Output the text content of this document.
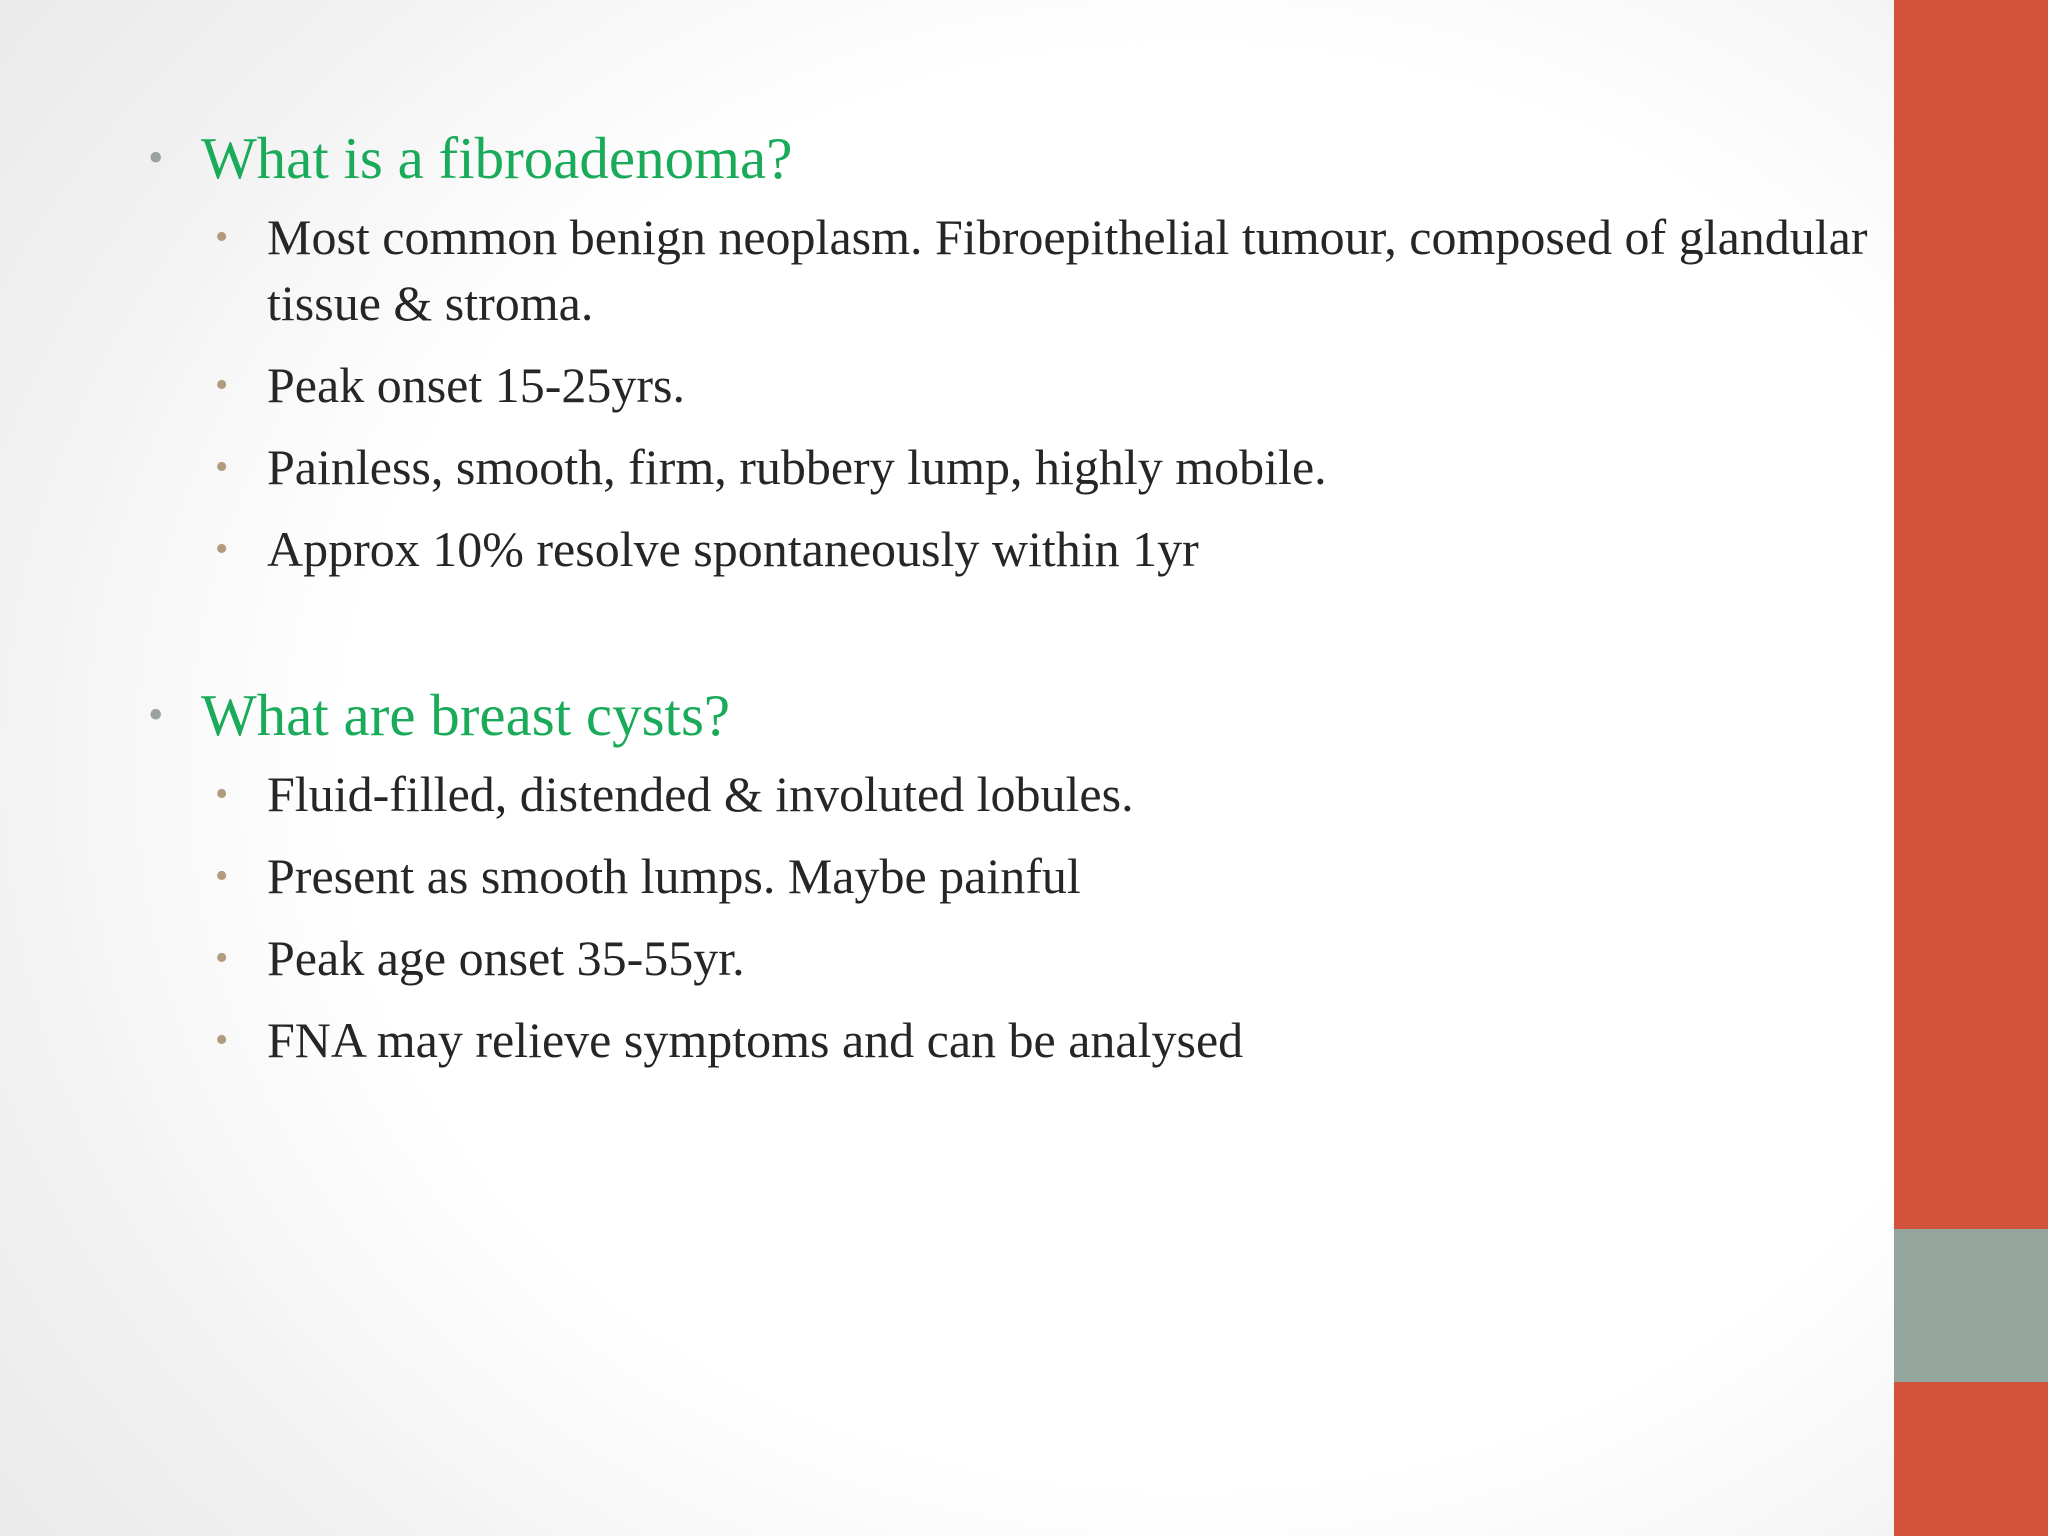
• What is a fibroadenoma?
• Most common benign neoplasm. Fibroepithelial tumour, composed of glandular tissue & stroma.
• Peak onset 15-25yrs.
• Painless, smooth, firm, rubbery lump, highly mobile.
• Approx 10% resolve spontaneously within 1yr
• What are breast cysts?
• Fluid-filled, distended & involuted lobules.
• Present as smooth lumps. Maybe painful
• Peak age onset 35-55yr.
• FNA may relieve symptoms and can be analysed
